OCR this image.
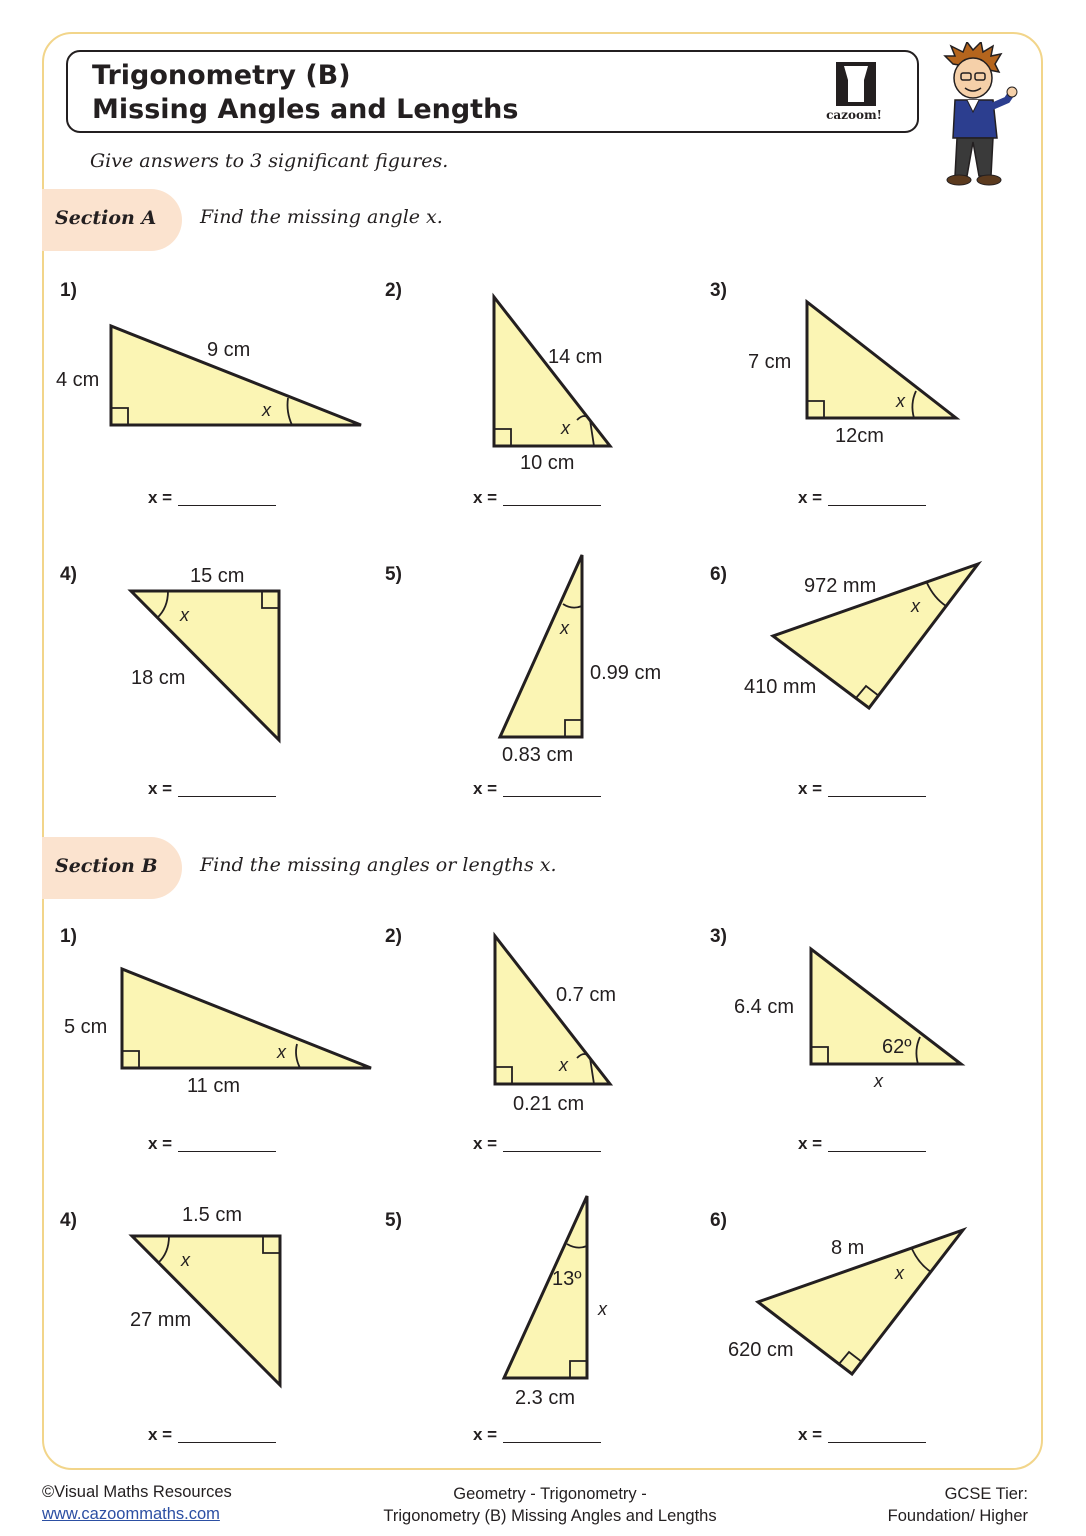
Trigonometry (B)
Missing Angles and Lengths	cazoom!
Give answers to 3 significant figures.
Section A Find the missing angle x.
Section B Find the missing angles or lengths x.
1)	2)	3)
4)	5)	6)
1)	2)	3)
4)	5)	6)
x =	x =	x =
x =	x =	x =
x =	x =	x =
x =	x =	x =
9 cm
4 cm
x
14 cm
10 cm
x
7 cm
12cm
x
15 cm
18 cm
x
0.99 cm
0.83 cm
x
972 mm
410 mm
x
5 cm
11 cm
x
0.7 cm
0.21 cm
x
6.4 cm
62º
x
1.5 cm
27 mm
x
13º
2.3 cm
x
8 m
620 cm
x
©Visual Maths Resources
www.cazoommaths.com
Geometry - Trigonometry -
Trigonometry (B) Missing Angles and Lengths
GCSE Tier:
Foundation/ Higher
